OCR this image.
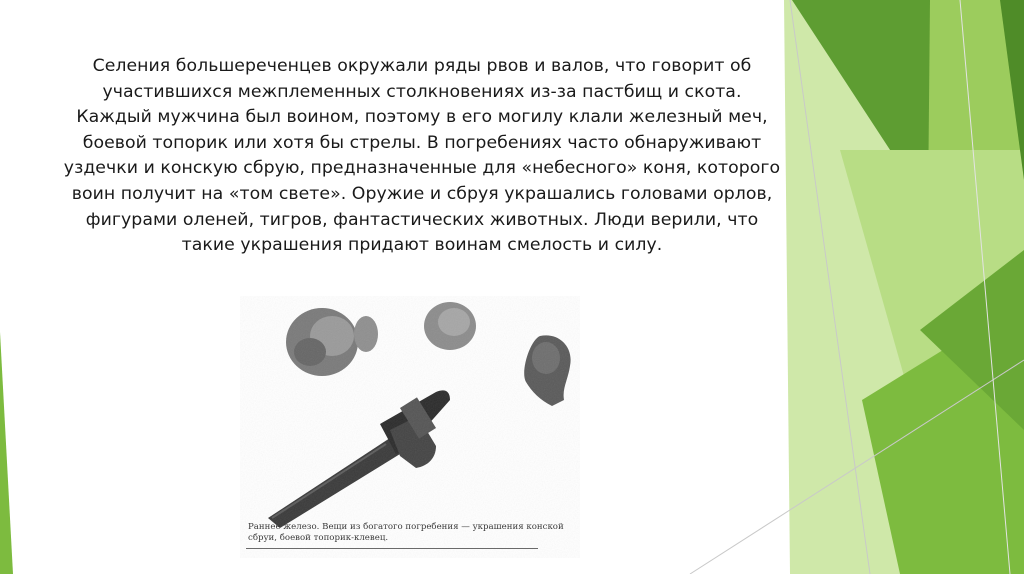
Селения большереченцев окружали ряды рвов и валов, что говорит об участившихся межплеменных столкновениях из-за пастбищ и скота. Каждый мужчина был воином, поэтому в его могилу клали железный меч, боевой топорик или хотя бы стрелы. В погребениях часто обнаруживают уздечки и конскую сбрую, предназначенные для «небесного» коня, которого воин получит на «том свете». Оружие и сбруя украшались головами орлов, фигурами оленей, тигров, фантастических животных. Люди верили, что такие украшения придают воинам смелость и силу.
Раннее железо. Вещи из богатого погребения — украшения конской сбруи, боевой топорик-клевец.
